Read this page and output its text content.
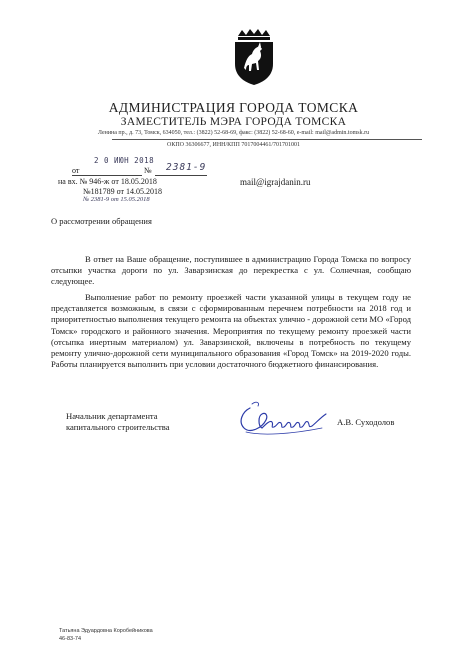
АДМИНИСТРАЦИЯ ГОРОДА ТОМСКА
ЗАМЕСТИТЕЛЬ МЭРА ГОРОДА ТОМСКА
Ленина пр., д. 73, Томск, 634050, тел.: (3822) 52-68-69, факс: (3822) 52-68-60, e-mail: mail@admin.tomsk.ru
ОКПО 36306677, ИНН/КПП 7017004461/701701001
2 0 ИЮН 2018
от	№ 2381-9
на вх. № 946-ж от 18.05.2018
№181789 от 14.05.2018
№ 2381-9 от 15.05.2018
mail@igrajdanin.ru
О рассмотрении обращения
В ответ на Ваше обращение, поступившее в администрацию Города Томска по вопросу отсыпки участка дороги по ул. Заварзинская до перекрестка с ул. Солнечная, сообщаю следующее.
Выполнение работ по ремонту проезжей части указанной улицы в текущем году не представляется возможным, в связи с сформированным перечнем потребности на 2018 год и приоритетностью выполнения текущего ремонта на объектах улично - дорожной сети МО «Город Томск» городского и районного значения. Мероприятия по текущему ремонту проезжей части (отсыпка инертным материалом) ул. Заварзинской, включены в потребность по текущему ремонту улично-дорожной сети муниципального образования «Город Томск» на 2019-2020 годы. Работы планируется выполнить при условии достаточного бюджетного финансирования.
Начальник департамента
капитального строительства	А.В. Суходолов
Татьяна Эдуардовна Коробейникова
46-83-74
